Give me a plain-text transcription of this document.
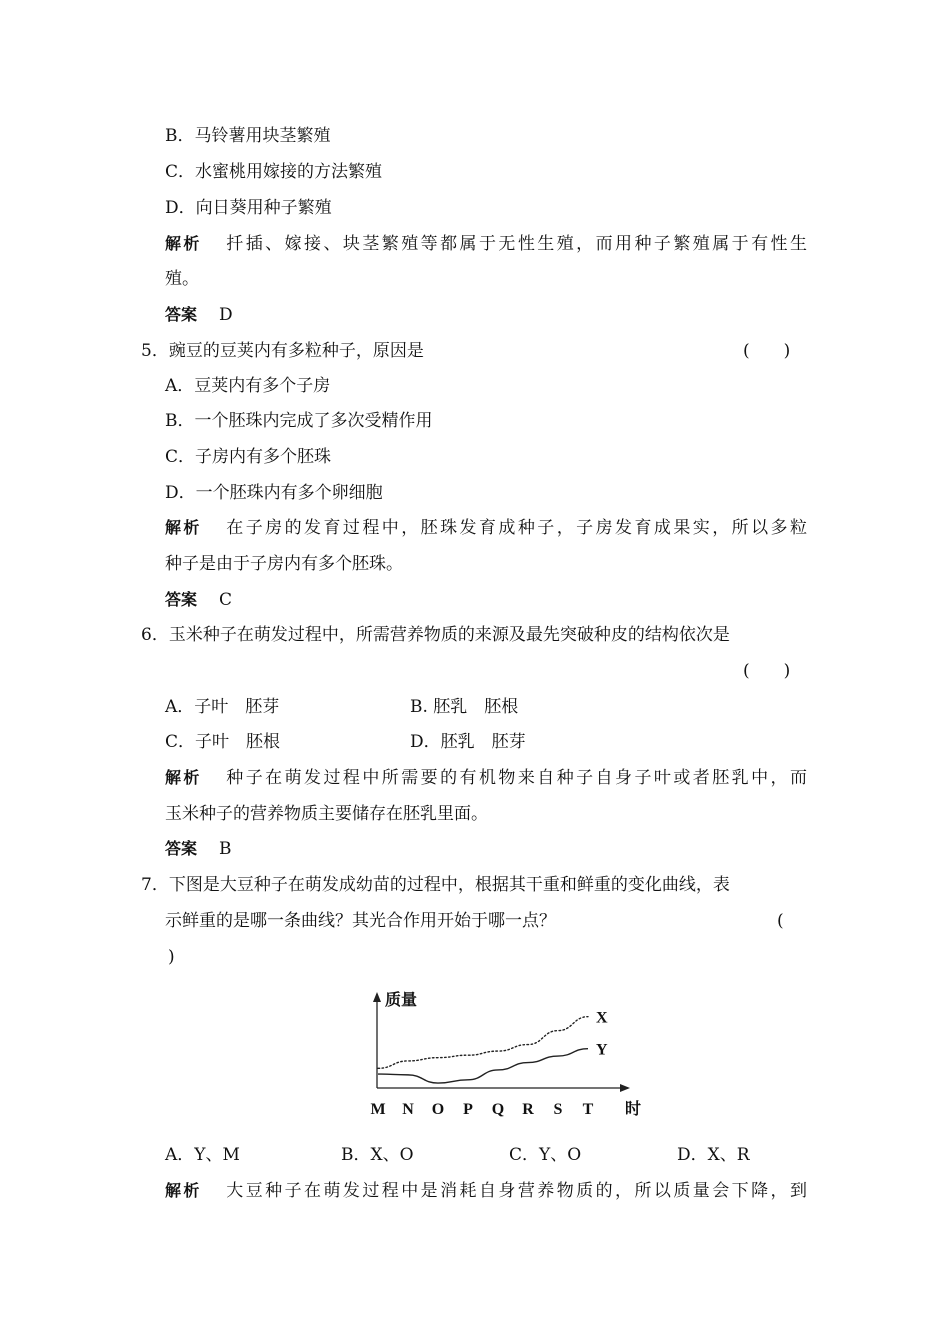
B．马铃薯用块茎繁殖
C．水蜜桃用嫁接的方法繁殖
D．向日葵用种子繁殖
解析 扦插、嫁接、块茎繁殖等都属于无性生殖，而用种子繁殖属于有性生
殖。
答案 D
5．豌豆的豆荚内有多粒种子，原因是	(　　)
A．豆荚内有多个子房
B．一个胚珠内完成了多次受精作用
C．子房内有多个胚珠
D．一个胚珠内有多个卵细胞
解析 在子房的发育过程中，胚珠发育成种子，子房发育成果实，所以多粒
种子是由于子房内有多个胚珠。
答案 C
6．玉米种子在萌发过程中，所需营养物质的来源及最先突破种皮的结构依次是
(　　)
A．子叶　胚芽	B. 胚乳　胚根
C．子叶　胚根	D．胚乳　胚芽
解析 种子在萌发过程中所需要的有机物来自种子自身子叶或者胚乳中，而
玉米种子的营养物质主要储存在胚乳里面。
答案 B
7．下图是大豆种子在萌发成幼苗的过程中，根据其干重和鲜重的变化曲线，表
示鲜重的是哪一条曲线？其光合作用开始于哪一点？	(
)
质量
时
M N O P Q R S T
X
Y
A．Y、M	B．X、O	C．Y、O	D．X、R
解析 大豆种子在萌发过程中是消耗自身营养物质的，所以质量会下降，到
